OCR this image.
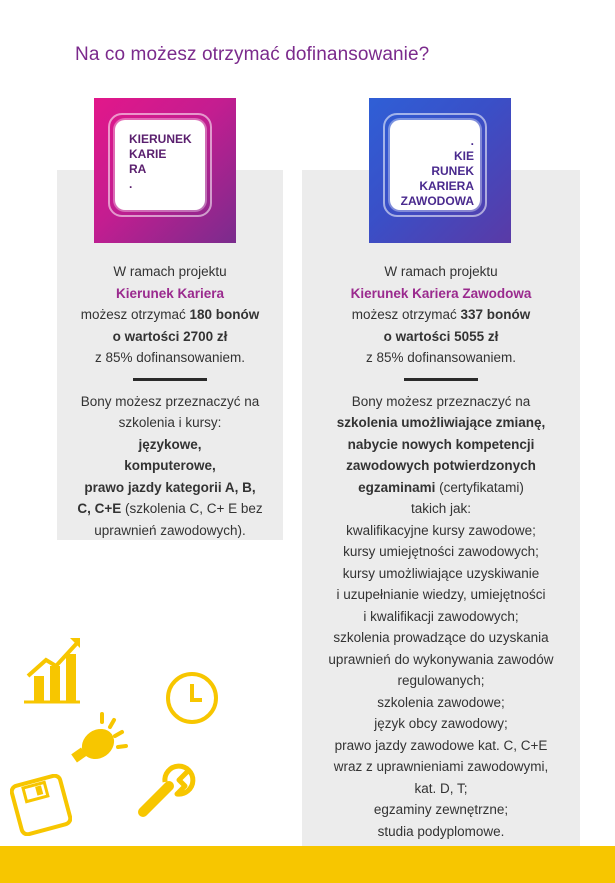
Na co możesz otrzymać dofinansowanie?

W ramach projektu

Kierunek Kariera

możesz otrzymać 180 bonów

o wartości 2700 zł

z 85% dofinansowaniem.

Bony możesz przeznaczyć na

szkolenia i kursy:

językowe,

komputerowe,

prawo jazdy kategorii A, B,

C, C+E (szkolenia C, C+ E bez

uprawnień zawodowych).

W ramach projektu

Kierunek Kariera Zawodowa

możesz otrzymać 337 bonów

o wartości 5055 zł

z 85% dofinansowaniem.

Bony możesz przeznaczyć na

szkolenia umożliwiające zmianę,

nabycie nowych kompetencji

zawodowych potwierdzonych

egzaminami (certyfikatami)

takich jak:

kwalifikacyjne kursy zawodowe;

kursy umiejętności zawodowych;

kursy umożliwiające uzyskiwanie

i uzupełnianie wiedzy, umiejętności

i kwalifikacji zawodowych;

szkolenia prowadzące do uzyskania

uprawnień do wykonywania zawodów

regulowanych;

szkolenia zawodowe;

język obcy zawodowy;

prawo jazdy zawodowe kat. C, C+E

wraz z uprawnieniami zawodowymi,

kat. D, T;

egzaminy zewnętrzne;

studia podyplomowe.

KIERUNEK
KARIE
RA
.
.
KIE
RUNEK
KARIERA
ZAWODOWA
